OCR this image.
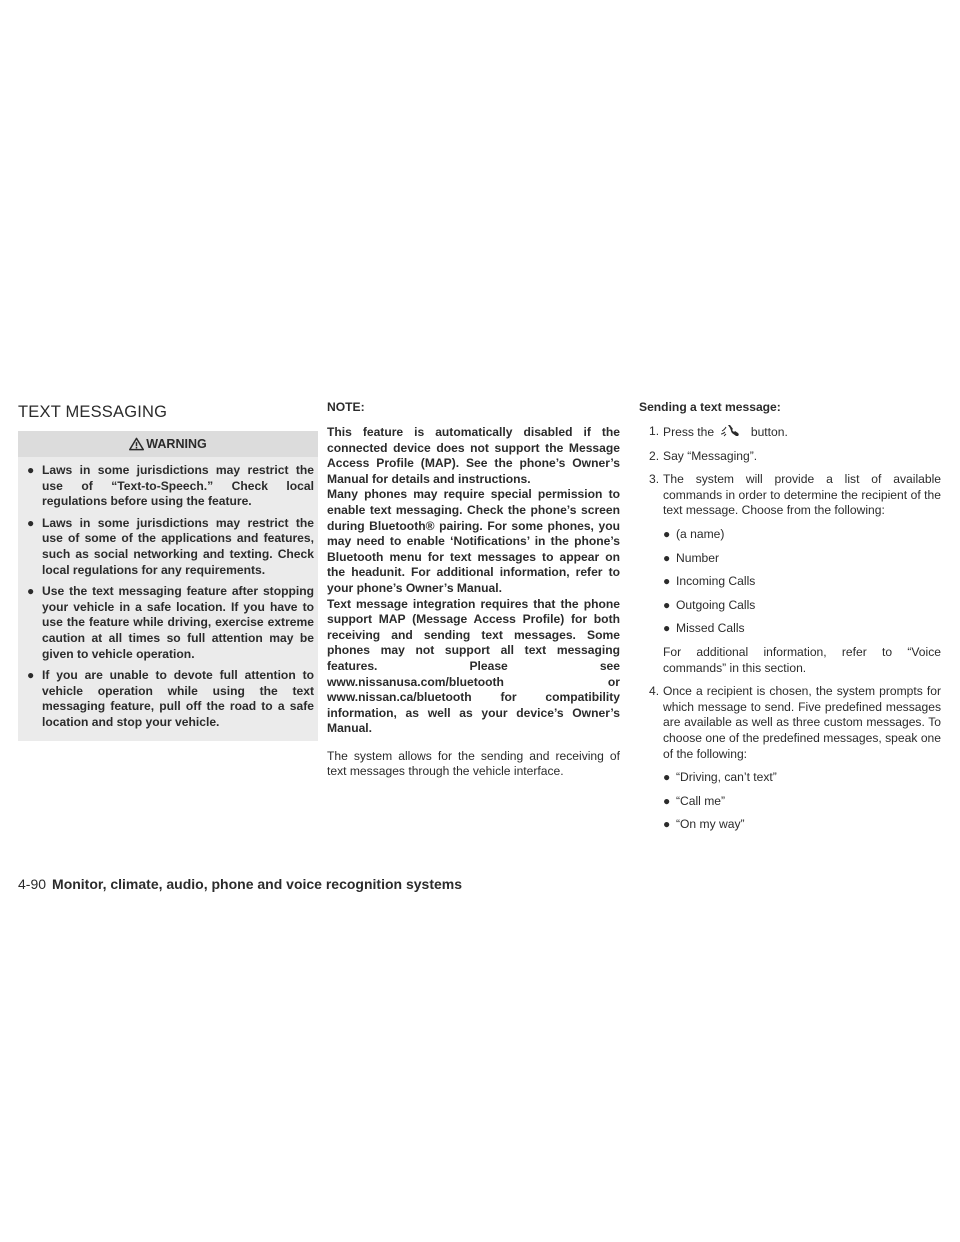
TEXT MESSAGING
WARNING
● Laws in some jurisdictions may restrict the use of “Text-to-Speech.” Check local regulations before using the feature.
● Laws in some jurisdictions may restrict the use of some of the applications and features, such as social networking and texting. Check local regulations for any requirements.
● Use the text messaging feature after stopping your vehicle in a safe location. If you have to use the feature while driving, exercise extreme caution at all times so full attention may be given to vehicle operation.
● If you are unable to devote full attention to vehicle operation while using the text messaging feature, pull off the road to a safe location and stop your vehicle.

NOTE:

This feature is automatically disabled if the connected device does not support the Message Access Profile (MAP). See the phone’s Owner’s Manual for details and instructions.
Many phones may require special permission to enable text messaging. Check the phone’s screen during Bluetooth® pairing. For some phones, you may need to enable ‘Notifications’ in the phone’s Bluetooth menu for text messages to appear on the headunit. For additional information, refer to your phone’s Owner’s Manual.
Text message integration requires that the phone support MAP (Message Access Profile) for both receiving and sending text messages. Some phones may not support all text messaging features. Please see www.nissanusa.com/bluetooth or www.nissan.ca/bluetooth for compatibility information, as well as your device’s Owner’s Manual.

The system allows for the sending and receiving of text messages through the vehicle interface.

Sending a text message:

1. Press the	button.
2. Say “Messaging”.
3. The system will provide a list of available commands in order to determine the recipient of the text message. Choose from the following:
● (a name)
● Number
● Incoming Calls
● Outgoing Calls
● Missed Calls
For additional information, refer to “Voice commands” in this section.
4. Once a recipient is chosen, the system prompts for which message to send. Five predefined messages are available as well as three custom messages. To choose one of the predefined messages, speak one of the following:
● “Driving, can’t text”
● “Call me”
● “On my way”
4-90 Monitor, climate, audio, phone and voice recognition systems
